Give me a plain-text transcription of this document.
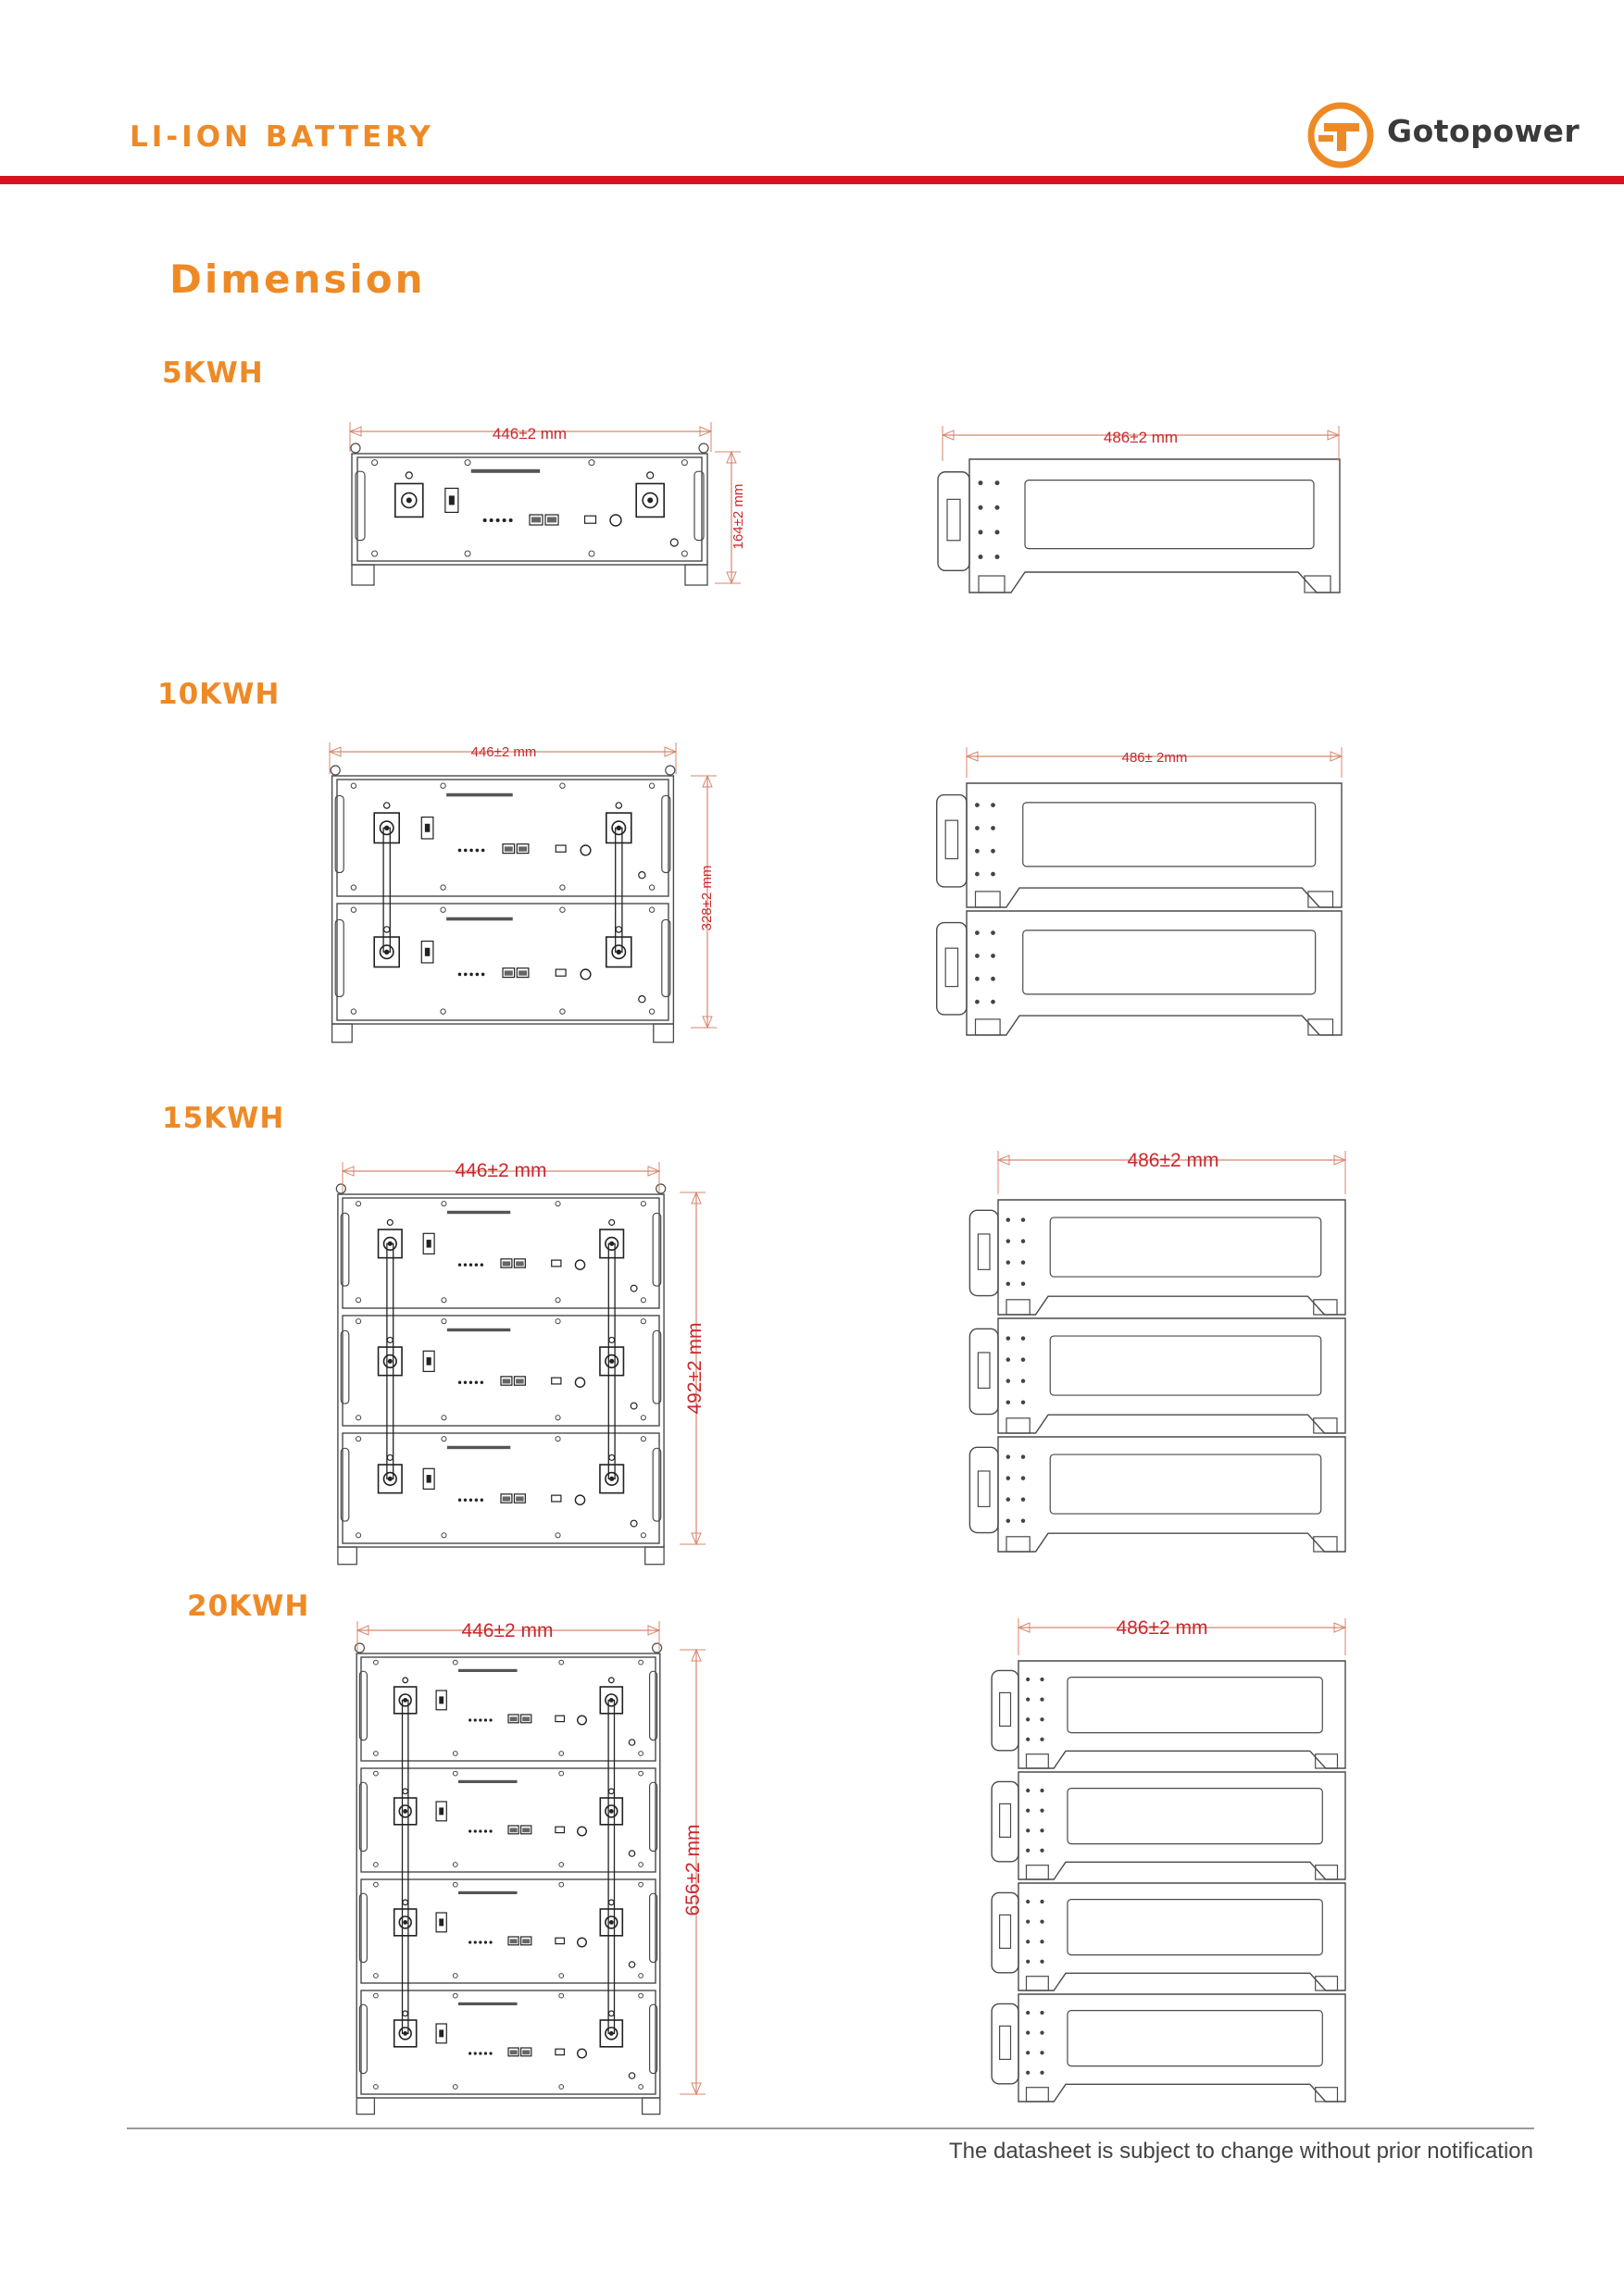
LI-ION BATTERY	Gotopower
Dimension
5KWH
10KWH
15KWH
20KWH
446±2 mm
164±2 mm
486±2 mm
446±2 mm
328±2 mm
486± 2mm
446±2 mm
492±2 mm
486±2 mm
446±2 mm
656±2 mm
486±2 mm
The datasheet is subject to change without prior notification
